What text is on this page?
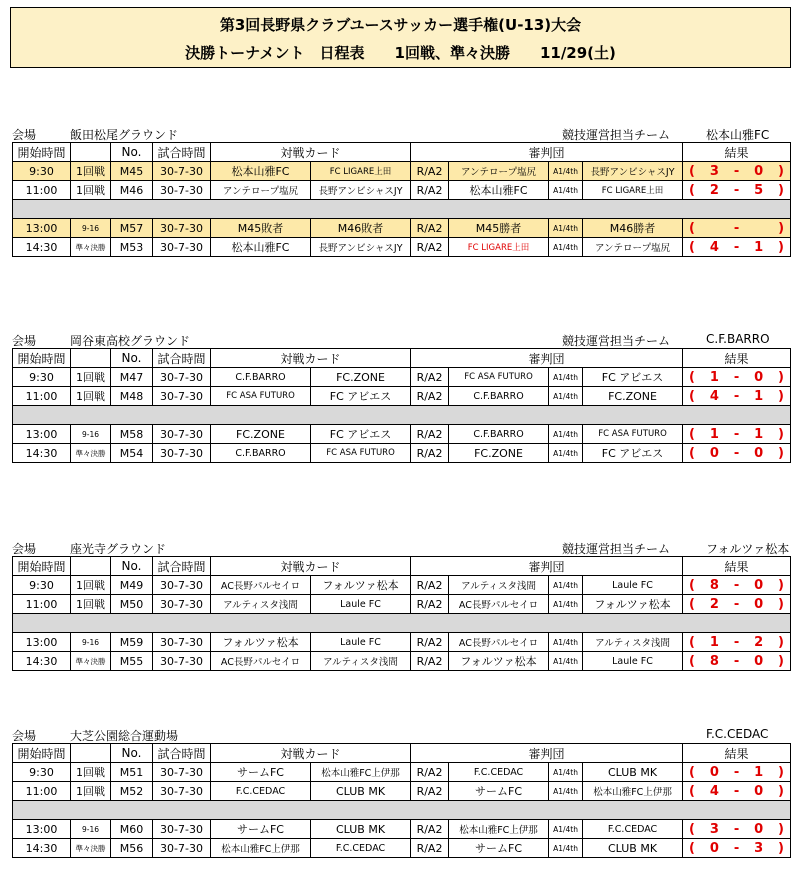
第3回長野県クラブユースサッカー選手権(U-13)大会
決勝トーナメント　日程表　　1回戦、準々決勝　　11/29(土)
会場	飯田松尾グラウンド	競技運営担当チーム	松本山雅FC
開始時間		No.	試合時間	対戦カード		審判団				結果
9:30	1回戦	M45	30-7-30	松本山雅FC	FC LIGARE上田	R/A2	アンテロープ塩尻	A1/4th	長野アンビシャスJY	( 3 - 0 )

11:00	1回戦	M46	30-7-30	アンテロープ塩尻	長野アンビシャスJY	R/A2	松本山雅FC	A1/4th	FC LIGARE上田	( 2 - 5 )

13:00	9-16	M57	30-7-30	M45敗者	M46敗者	R/A2	M45勝者	A1/4th	M46勝者	( - )

14:30	準々決勝	M53	30-7-30	松本山雅FC	長野アンビシャスJY	R/A2	FC LIGARE上田	A1/4th	アンテロープ塩尻	( 4 - 1 )
会場	岡谷東高校グラウンド	競技運営担当チーム	C.F.BARRO
開始時間		No.	試合時間	対戦カード		審判団				結果
9:30	1回戦	M47	30-7-30	C.F.BARRO	FC.ZONE	R/A2	FC ASA FUTURO	A1/4th	FC アビエス	( 1 - 0 )

11:00	1回戦	M48	30-7-30	FC ASA FUTURO	FC アビエス	R/A2	C.F.BARRO	A1/4th	FC.ZONE	( 4 - 1 )

13:00	9-16	M58	30-7-30	FC.ZONE	FC アビエス	R/A2	C.F.BARRO	A1/4th	FC ASA FUTURO	( 1 - 1 )

14:30	準々決勝	M54	30-7-30	C.F.BARRO	FC ASA FUTURO	R/A2	FC.ZONE	A1/4th	FC アビエス	( 0 - 0 )
会場	座光寺グラウンド	競技運営担当チーム	フォルツァ松本
開始時間		No.	試合時間	対戦カード		審判団				結果
9:30	1回戦	M49	30-7-30	AC長野パルセイロ	フォルツァ松本	R/A2	アルティスタ浅間	A1/4th	Laule FC	( 8 - 0 )

11:00	1回戦	M50	30-7-30	アルティスタ浅間	Laule FC	R/A2	AC長野パルセイロ	A1/4th	フォルツァ松本	( 2 - 0 )

13:00	9-16	M59	30-7-30	フォルツァ松本	Laule FC	R/A2	AC長野パルセイロ	A1/4th	アルティスタ浅間	( 1 - 2 )

14:30	準々決勝	M55	30-7-30	AC長野パルセイロ	アルティスタ浅間	R/A2	フォルツァ松本	A1/4th	Laule FC	( 8 - 0 )
会場	大芝公園総合運動場	F.C.CEDAC
開始時間		No.	試合時間	対戦カード		審判団				結果
9:30	1回戦	M51	30-7-30	サームFC	松本山雅FC上伊那	R/A2	F.C.CEDAC	A1/4th	CLUB MK	( 0 - 1 )

11:00	1回戦	M52	30-7-30	F.C.CEDAC	CLUB MK	R/A2	サームFC	A1/4th	松本山雅FC上伊那	( 4 - 0 )

13:00	9-16	M60	30-7-30	サームFC	CLUB MK	R/A2	松本山雅FC上伊那	A1/4th	F.C.CEDAC	( 3 - 0 )

14:30	準々決勝	M56	30-7-30	松本山雅FC上伊那	F.C.CEDAC	R/A2	サームFC	A1/4th	CLUB MK	( 0 - 3 )
